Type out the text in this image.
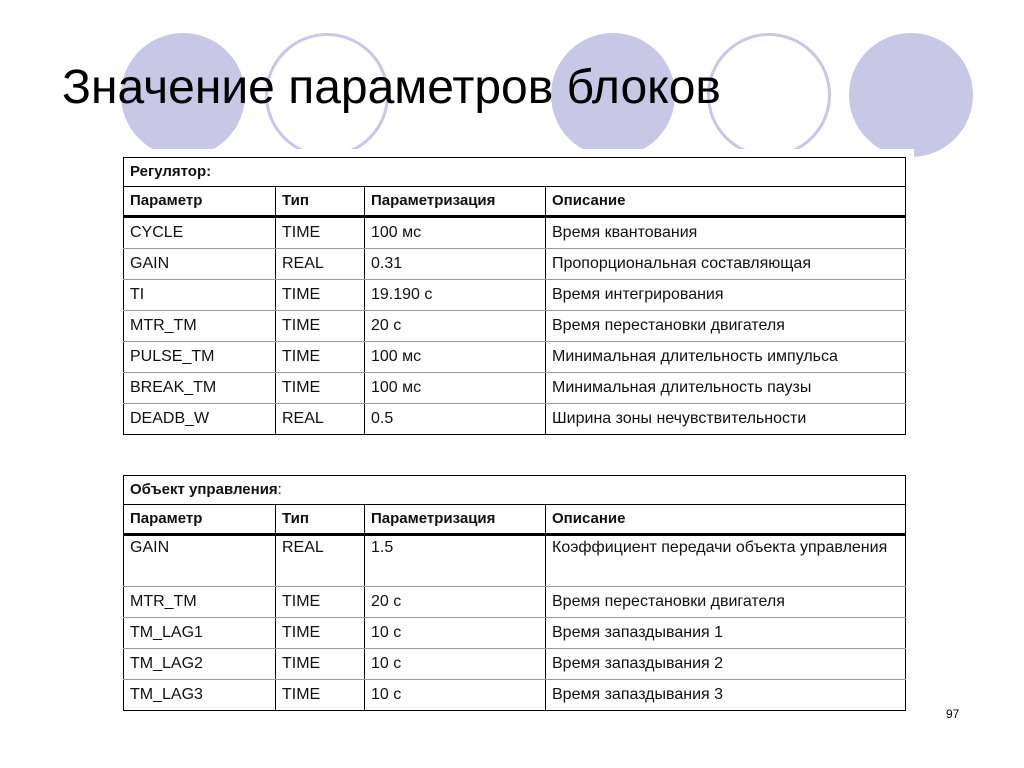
Значение параметров блоков
Регулятор:			
Параметр	Тип	Параметризация	Описание
CYCLE	TIME	100 мс	Время квантования
GAIN	REAL	0.31	Пропорциональная составляющая
TI	TIME	19.190 с	Время интегрирования
MTR_TM	TIME	20 с	Время перестановки двигателя
PULSE_TM	TIME	100 мс	Минимальная длительность импульса
BREAK_TM	TIME	100 мс	Минимальная длительность паузы
DEADB_W	REAL	0.5	Ширина зоны нечувствительности
Объект управления:			
Параметр	Тип	Параметризация	Описание
GAIN	REAL	1.5	Коэффициент передачи объекта управления
MTR_TM	TIME	20 с	Время перестановки двигателя
TM_LAG1	TIME	10 с	Время запаздывания 1
TM_LAG2	TIME	10 с	Время запаздывания 2
TM_LAG3	TIME	10 с	Время запаздывания 3
97
